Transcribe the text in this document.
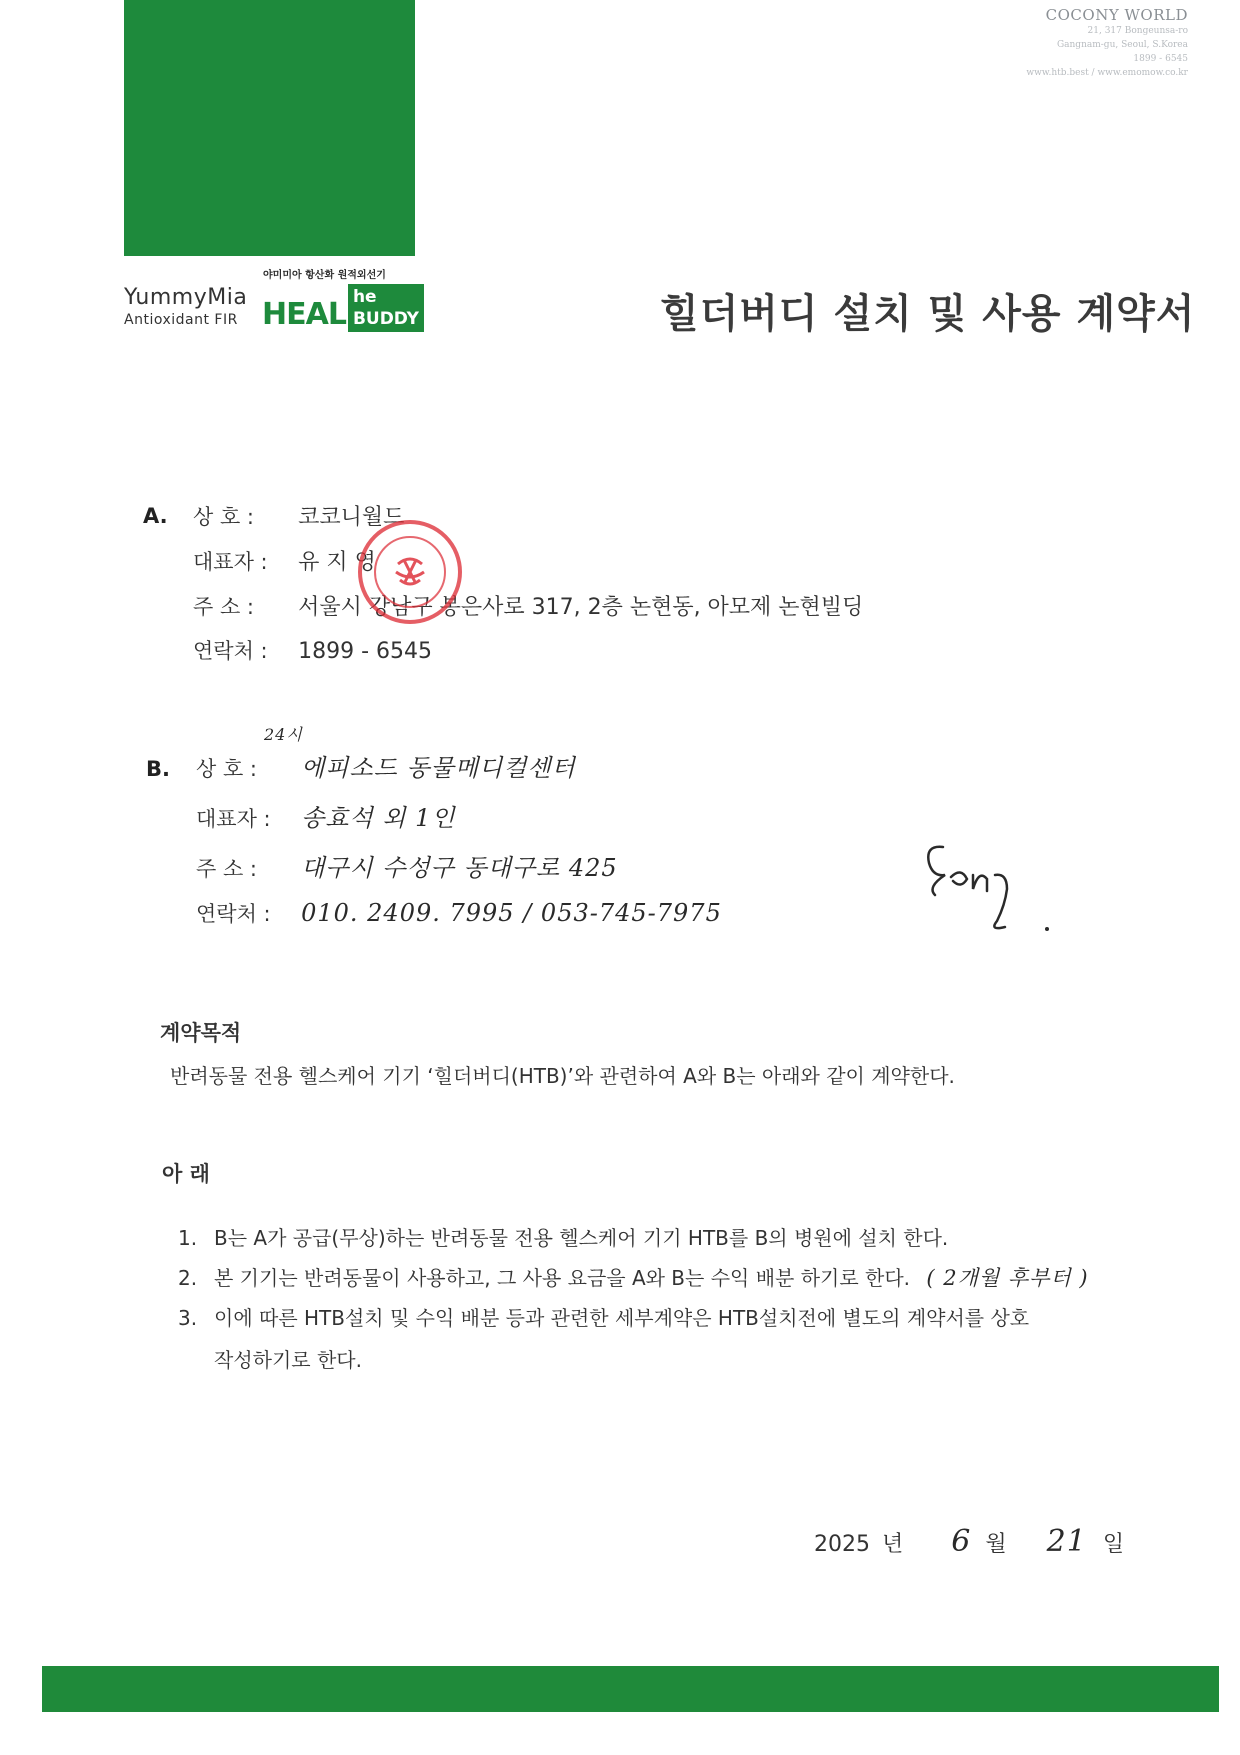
COCONY WORLD
21, 317 Bongeunsa-ro
Gangnam-gu, Seoul, S.Korea
1899 - 6545
www.htb.best / www.emomow.co.kr
YummyMia
Antioxidant FIR
야미미아 항산화 원적외선기
HEAL he BUDDY	힐더버디 설치 및 사용 계약서
A. 상 호 : 코코니월드
대표자 : 유 지 영
주 소 : 서울시 강남구 봉은사로 317, 2층 논현동, 아모제 논현빌딩
연락처 : 1899 - 6545
B.
24시
상 호 : 에피소드 동물메디컬센터
대표자 : 송효석 외 1인
주 소 : 대구시 수성구 동대구로 425
연락처 : 010. 2409. 7995 / 053-745-7975
계약목적
반려동물 전용 헬스케어 기기 ‘힐더버디(HTB)’와 관련하여 A와 B는 아래와 같이 계약한다.
아 래
1. B는 A가 공급(무상)하는 반려동물 전용 헬스케어 기기 HTB를 B의 병원에 설치 한다.
2. 본 기기는 반려동물이 사용하고, 그 사용 요금을 A와 B는 수익 배분 하기로 한다. ( 2개월 후부터 )
3. 이에 따른 HTB설치 및 수익 배분 등과 관련한 세부계약은 HTB설치전에 별도의 계약서를 상호
작성하기로 한다.
2025 년 6 월 21 일
